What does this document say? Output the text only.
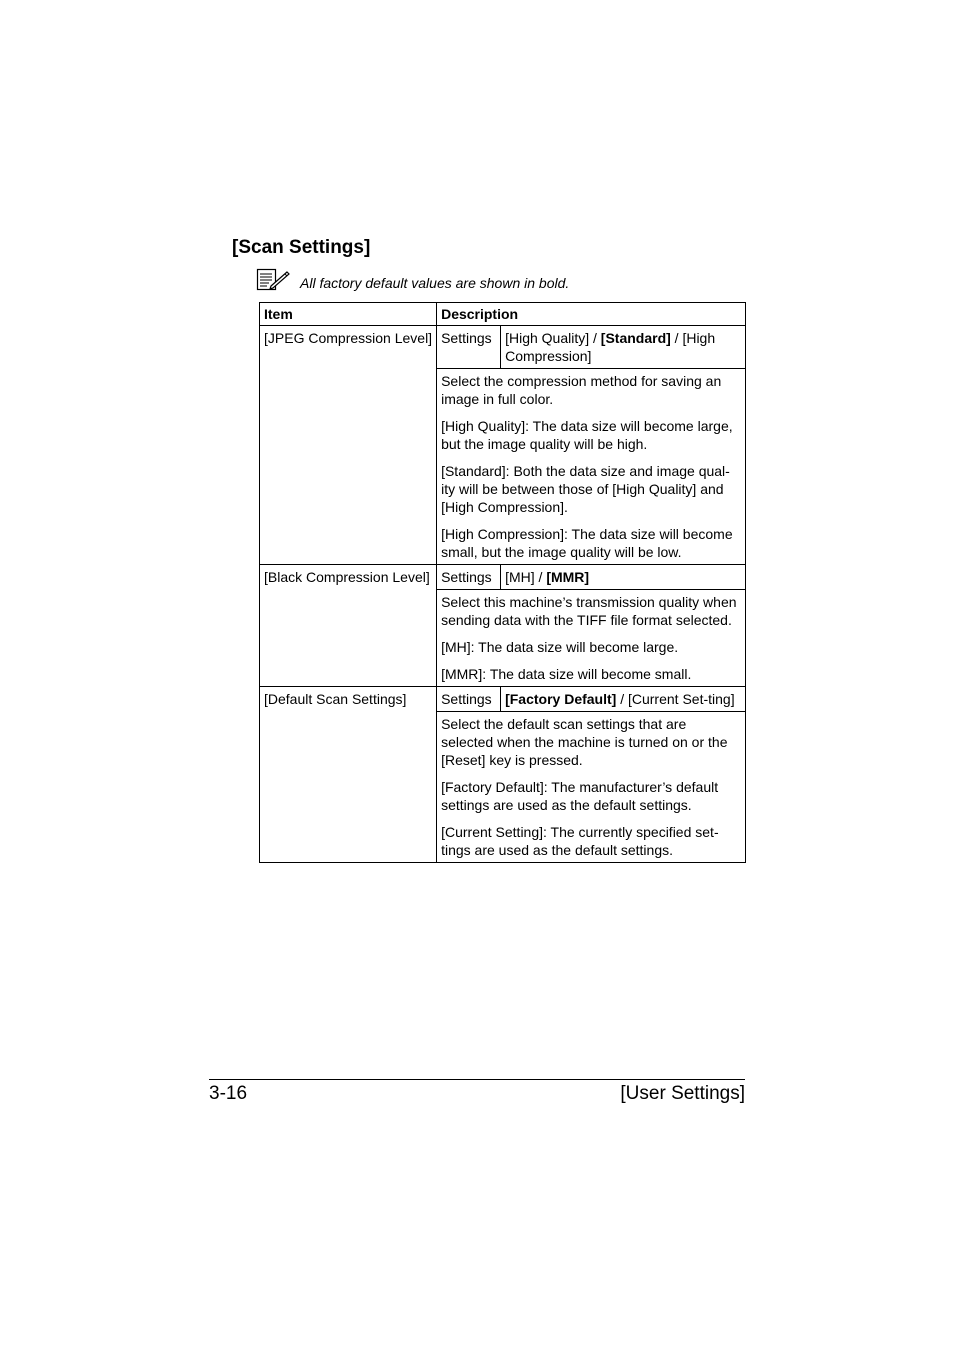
[Scan Settings]
All factory default values are shown in bold.
Item	Description	
[JPEG Compression Level]	Settings	[High Quality] / [Standard] / [High Compression]

	Select the compression method for saving an image in full color.

[High Quality]: The data size will become large, but the image quality will be high.

[Standard]: Both the data size and image qual-ity will be between those of [High Quality] and [High Compression].

[High Compression]: The data size will become small, but the image quality will be low.	

[Black Compression Level]	Settings	[MH] / [MMR]

	Select this machine’s transmission quality when sending data with the TIFF file format selected.

[MH]: The data size will become large.

[MMR]: The data size will become small.	

[Default Scan Settings]	Settings	[Factory Default] / [Current Set-ting]

	Select the default scan settings that are selected when the machine is turned on or the [Reset] key is pressed.

[Factory Default]: The manufacturer’s default settings are used as the default settings.

[Current Setting]: The currently specified set-tings are used as the default settings.	

3-16	[User Settings]
